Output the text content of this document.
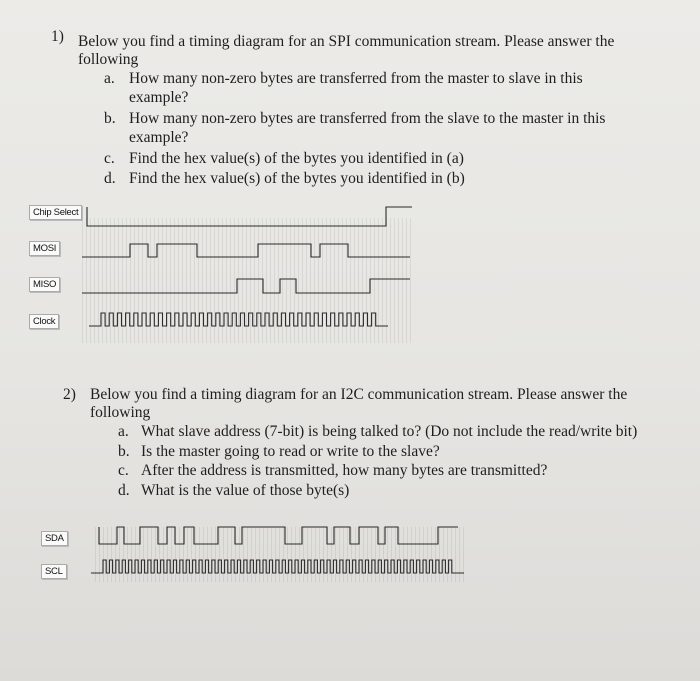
1) Below you find a timing diagram for an SPI communication stream. Please answer the
following
a. How many non-zero bytes are transferred from the master to slave in this
example?
b. How many non-zero bytes are transferred from the slave to the master in this
example?
c. Find the hex value(s) of the bytes you identified in (a)
d. Find the hex value(s) of the bytes you identified in (b)
Chip Select
MOSI
MISO
Clock
2) Below you find a timing diagram for an I2C communication stream. Please answer the
following
a. What slave address (7-bit) is being talked to? (Do not include the read/write bit)
b. Is the master going to read or write to the slave?
c. After the address is transmitted, how many bytes are transmitted?
d. What is the value of those byte(s)
SDA
SCL
